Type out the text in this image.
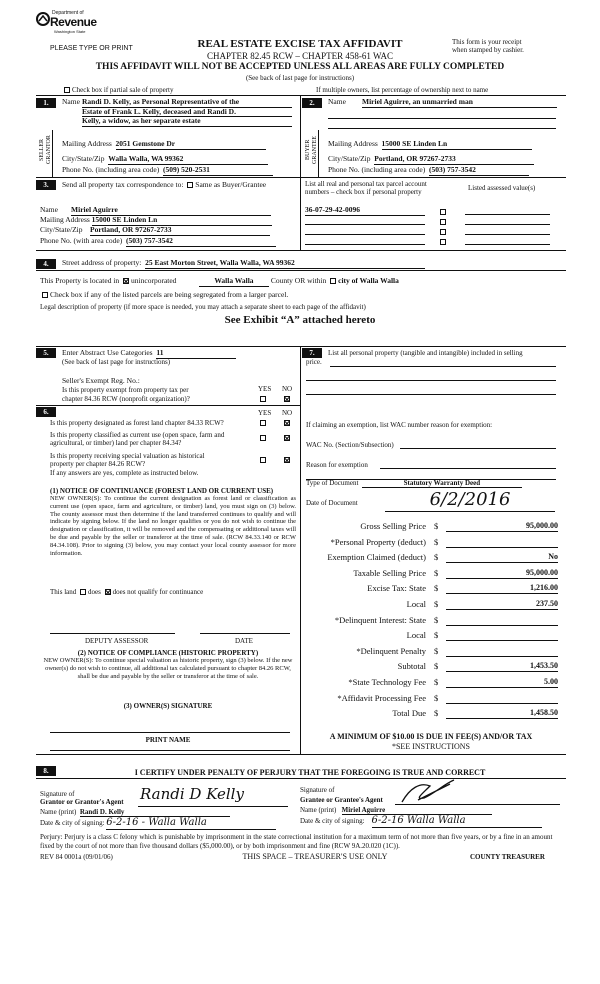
Department of
Revenue
Washington State
PLEASE TYPE OR PRINT	REAL ESTATE EXCISE TAX AFFIDAVIT
CHAPTER 82.45 RCW – CHAPTER 458-61 WAC
This form is your receipt
when stamped by cashier.
THIS AFFIDAVIT WILL NOT BE ACCEPTED UNLESS ALL AREAS ARE FULLY COMPLETED
(See back of last page for instructions)
Check box if partial sale of property	If multiple owners, list percentage of ownership next to name
1.	Name Randi D. Kelly, as Personal Representative of the
Estate of Frank L. Kelly, deceased and Randi D.
Kelly, a widow, as her separate estate
SELLER GRANTOR Mailing Address 2051 Gemstone Dr
City/State/Zip Walla Walla, WA 99362
Phone No. (including area code) (509) 520-2531
2.	Name Miriel Aguirre, an unmarried man
BUYER GRANTEE Mailing Address 15000 SE Linden Ln
City/State/Zip Portland, OR 97267-2733
Phone No. (including area code) (503) 757-3542
3.	Send all property tax correspondence to: Same as Buyer/Grantee	List all real and personal tax parcel account
numbers – check box if personal property	Listed assessed value(s)
Name Miriel Aguirre
Mailing Address 15000 SE Linden Ln
City/State/Zip Portland, OR 97267-2733
Phone No. (with area code) (503) 757-3542
36-07-29-42-0096
4.	Street address of property: 25 East Morton Street, Walla Walla, WA 99362
This Property is located in unincorporated	Walla Walla County OR within city of Walla Walla
Check box if any of the listed parcels are being segregated from a larger parcel.
Legal description of property (if more space is needed, you may attach a separate sheet to each page of the affidavit)
See Exhibit “A” attached hereto
5.	Enter Abstract Use Categories 11
(See back of last page for instructions)
Seller's Exempt Reg. No.:
YES NO
Is this property exempt from property tax per
chapter 84.36 RCW (nonprofit organization)?
7.	List all personal property (tangible and intangible) included in selling
price.
6.	YES NO
Is this property designated as forest land chapter 84.33 RCW?
Is this property classified as current use (open space, farm and
agricultural, or timber) land per chapter 84.34?
Is this property receiving special valuation as historical
property per chapter 84.26 RCW?
If any answers are yes, complete as instructed below.
(1) NOTICE OF CONTINUANCE (FOREST LAND OR CURRENT USE)
NEW OWNER(S): To continue the current designation as forest land or classification as current use (open space, farm and agriculture, or timber) land, you must sign on (3) below. The county assessor must then determine if the land transferred continues to qualify and will indicate by signing below. If the land no longer qualifies or you do not wish to continue the designation or classification, it will be removed and the compensating or additional taxes will be due and payable by the seller or transferor at the time of sale. (RCW 84.33.140 or RCW 84.34.108). Prior to signing (3) below, you may contact your local county assessor for more information.
This land does does not qualify for continuance
DEPUTY ASSESSOR	DATE
(2) NOTICE OF COMPLIANCE (HISTORIC PROPERTY)
NEW OWNER(S): To continue special valuation as historic property, sign (3) below. If the new owner(s) do not wish to continue, all additional tax calculated pursuant to chapter 84.26 RCW, shall be due and payable by the seller or transferor at the time of sale.
(3) OWNER(S) SIGNATURE
PRINT NAME
If claiming an exemption, list WAC number reason for exemption:
WAC No. (Section/Subsection)
Reason for exemption
Type of Document	Statutory Warranty Deed
Date of Document	6/2/2016
Gross Selling Price $	95,000.00
*Personal Property (deduct) $
Exemption Claimed (deduct) $	No
Taxable Selling Price $	95,000.00
Excise Tax: State $	1,216.00
Local $	237.50
*Delinquent Interest: State $
Local $
*Delinquent Penalty $
Subtotal $	1,453.50
*State Technology Fee $	5.00
*Affidavit Processing Fee $
Total Due $	1,458.50
A MINIMUM OF $10.00 IS DUE IN FEE(S) AND/OR TAX
*SEE INSTRUCTIONS
8.	I CERTIFY UNDER PENALTY OF PERJURY THAT THE FOREGOING IS TRUE AND CORRECT
Signature of
Grantor or Grantor's Agent Randi D Kelly
Name (print) Randi D. Kelly
Date & city of signing: 6-2-16 - Walla Walla
Signature of
Grantee or Grantee's Agent
Name (print) Miriel Aguirre
Date & city of signing: 6-2-16 Walla Walla
Perjury: Perjury is a class C felony which is punishable by imprisonment in the state correctional institution for a maximum term of not more than five years, or by a fine in an amount fixed by the court of not more than five thousand dollars ($5,000.00), or by both imprisonment and fine (RCW 9A.20.020 (1C)).
REV 84 0001a (09/01/06)	THIS SPACE – TREASURER'S USE ONLY	COUNTY TREASURER
